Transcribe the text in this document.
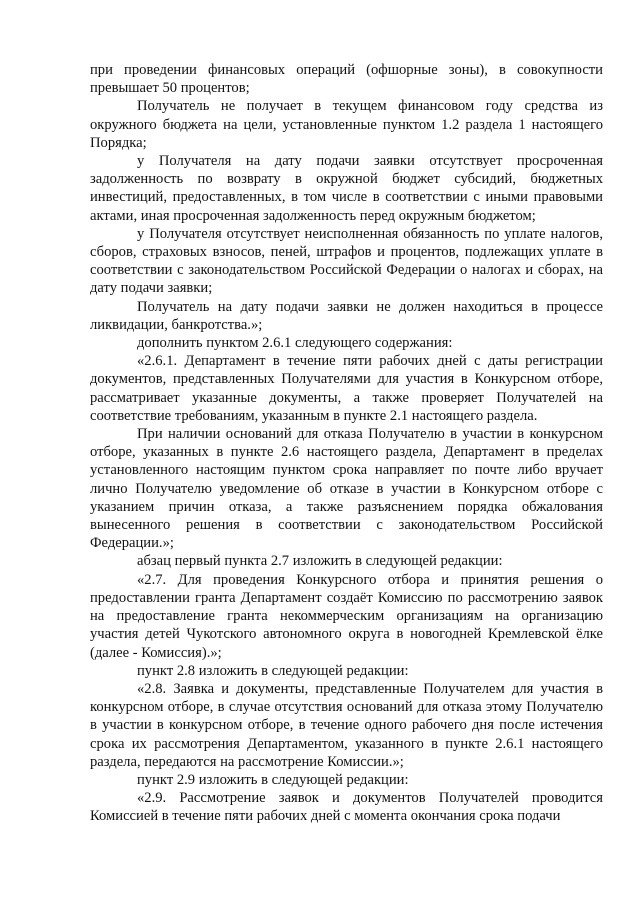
при проведении финансовых операций (офшорные зоны), в совокупности превышает 50 процентов;

Получатель не получает в текущем финансовом году средства из окружного бюджета на цели, установленные пунктом 1.2 раздела 1 настоящего Порядка;

у Получателя на дату подачи заявки отсутствует просроченная задолженность по возврату в окружной бюджет субсидий, бюджетных инвестиций, предоставленных, в том числе в соответствии с иными правовыми актами, иная просроченная задолженность перед окружным бюджетом;

у Получателя отсутствует неисполненная обязанность по уплате налогов, сборов, страховых взносов, пеней, штрафов и процентов, подлежащих уплате в соответствии с законодательством Российской Федерации о налогах и сборах, на дату подачи заявки;

Получатель на дату подачи заявки не должен находиться в процессе ликвидации, банкротства.»;

дополнить пунктом 2.6.1 следующего содержания:

«2.6.1. Департамент в течение пяти рабочих дней с даты регистрации документов, представленных Получателями для участия в Конкурсном отборе, рассматривает указанные документы, а также проверяет Получателей на соответствие требованиям, указанным в пункте 2.1 настоящего раздела.

При наличии оснований для отказа Получателю в участии в конкурсном отборе, указанных в пункте 2.6 настоящего раздела, Департамент в пределах установленного настоящим пунктом срока направляет по почте либо вручает лично Получателю уведомление об отказе в участии в Конкурсном отборе с указанием причин отказа, а также разъяснением порядка обжалования вынесенного решения в соответствии с законодательством Российской Федерации.»;

абзац первый пункта 2.7 изложить в следующей редакции:

«2.7. Для проведения Конкурсного отбора и принятия решения о предоставлении гранта Департамент создаёт Комиссию по рассмотрению заявок на предоставление гранта некоммерческим организациям на организацию участия детей Чукотского автономного округа в новогодней Кремлевской ёлке (далее - Комиссия).»;

пункт 2.8 изложить в следующей редакции:

«2.8. Заявка и документы, представленные Получателем для участия в конкурсном отборе, в случае отсутствия оснований для отказа этому Получателю в участии в конкурсном отборе, в течение одного рабочего дня после истечения срока их рассмотрения Департаментом, указанного в пункте 2.6.1 настоящего раздела, передаются на рассмотрение Комиссии.»;

пункт 2.9 изложить в следующей редакции:

«2.9. Рассмотрение заявок и документов Получателей проводится Комиссией в течение пяти рабочих дней с момента окончания срока подачи
